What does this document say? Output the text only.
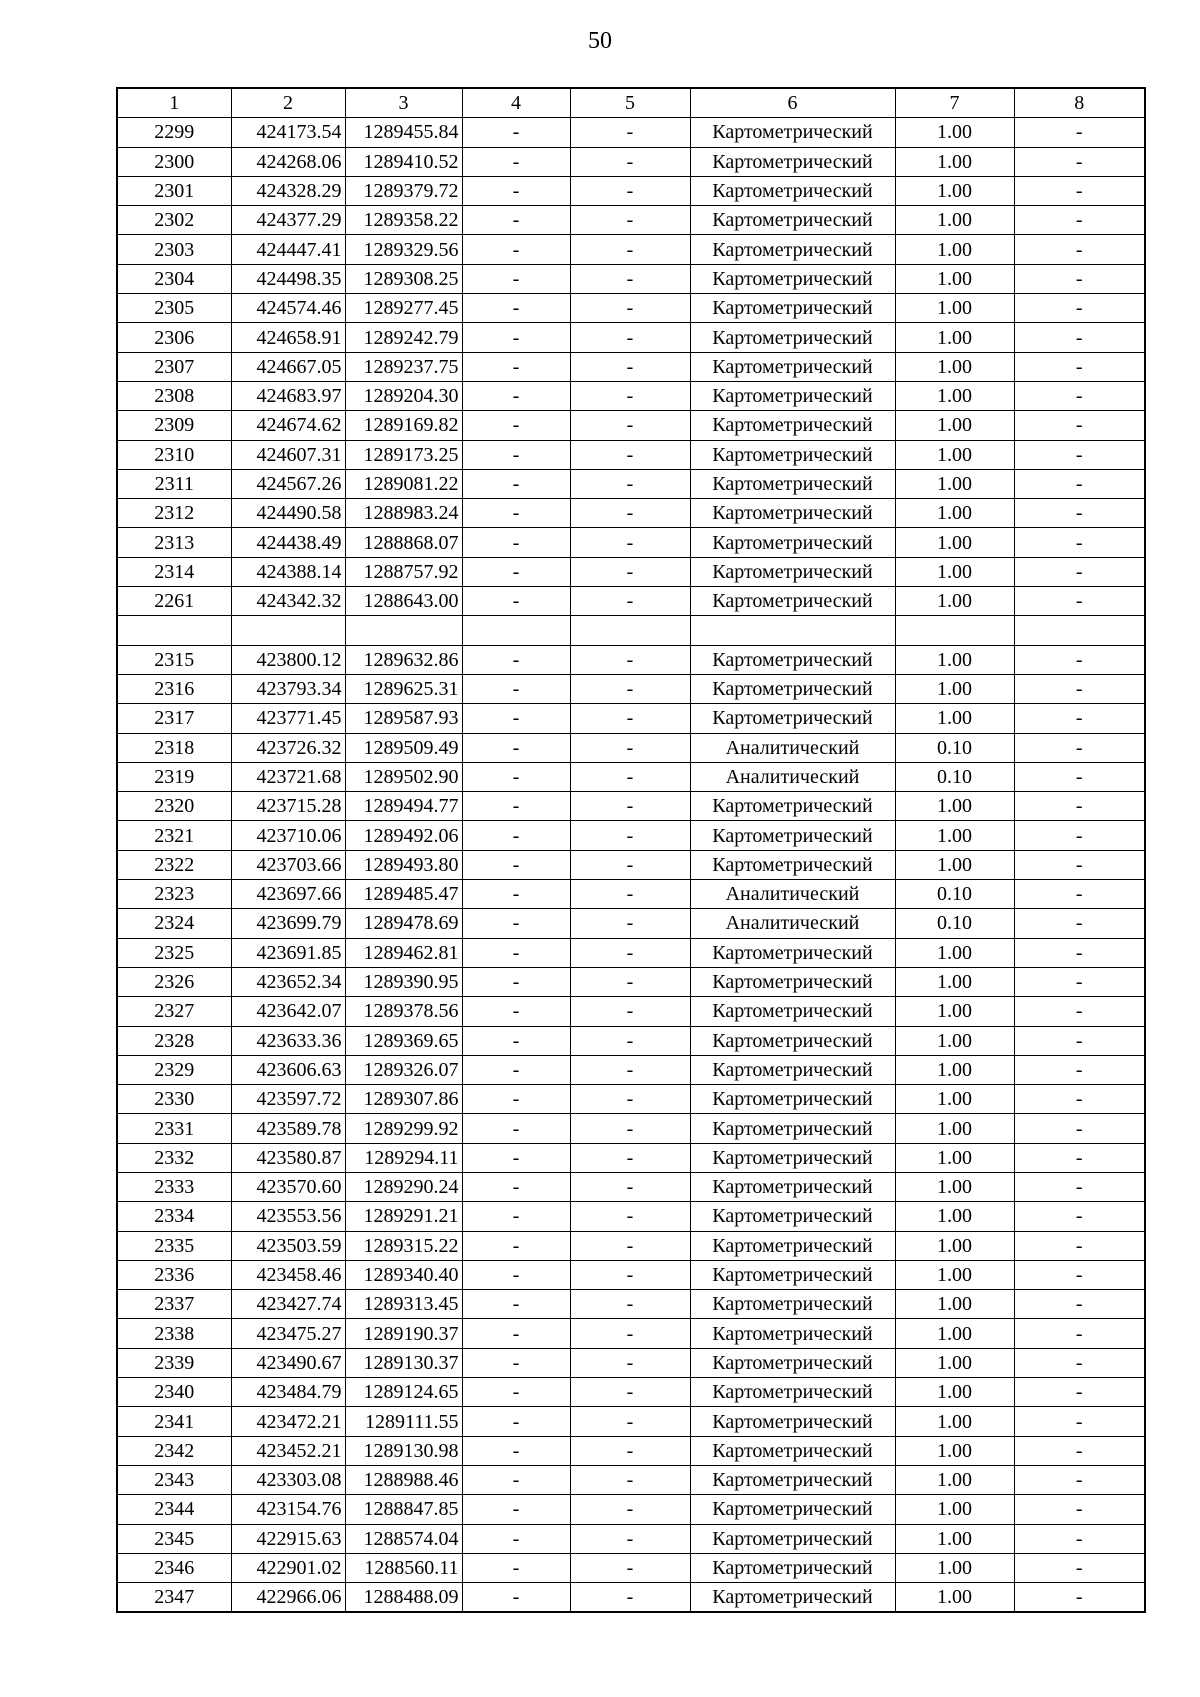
50
1	2	3	4	5	6	7	8
2299	424173.54	1289455.84	-	-	Картометрический	1.00	-
2300	424268.06	1289410.52	-	-	Картометрический	1.00	-
2301	424328.29	1289379.72	-	-	Картометрический	1.00	-
2302	424377.29	1289358.22	-	-	Картометрический	1.00	-
2303	424447.41	1289329.56	-	-	Картометрический	1.00	-
2304	424498.35	1289308.25	-	-	Картометрический	1.00	-
2305	424574.46	1289277.45	-	-	Картометрический	1.00	-
2306	424658.91	1289242.79	-	-	Картометрический	1.00	-
2307	424667.05	1289237.75	-	-	Картометрический	1.00	-
2308	424683.97	1289204.30	-	-	Картометрический	1.00	-
2309	424674.62	1289169.82	-	-	Картометрический	1.00	-
2310	424607.31	1289173.25	-	-	Картометрический	1.00	-
2311	424567.26	1289081.22	-	-	Картометрический	1.00	-
2312	424490.58	1288983.24	-	-	Картометрический	1.00	-
2313	424438.49	1288868.07	-	-	Картометрический	1.00	-
2314	424388.14	1288757.92	-	-	Картометрический	1.00	-
2261	424342.32	1288643.00	-	-	Картометрический	1.00	-

2315	423800.12	1289632.86	-	-	Картометрический	1.00	-
2316	423793.34	1289625.31	-	-	Картометрический	1.00	-
2317	423771.45	1289587.93	-	-	Картометрический	1.00	-
2318	423726.32	1289509.49	-	-	Аналитический	0.10	-
2319	423721.68	1289502.90	-	-	Аналитический	0.10	-
2320	423715.28	1289494.77	-	-	Картометрический	1.00	-
2321	423710.06	1289492.06	-	-	Картометрический	1.00	-
2322	423703.66	1289493.80	-	-	Картометрический	1.00	-
2323	423697.66	1289485.47	-	-	Аналитический	0.10	-
2324	423699.79	1289478.69	-	-	Аналитический	0.10	-
2325	423691.85	1289462.81	-	-	Картометрический	1.00	-
2326	423652.34	1289390.95	-	-	Картометрический	1.00	-
2327	423642.07	1289378.56	-	-	Картометрический	1.00	-
2328	423633.36	1289369.65	-	-	Картометрический	1.00	-
2329	423606.63	1289326.07	-	-	Картометрический	1.00	-
2330	423597.72	1289307.86	-	-	Картометрический	1.00	-
2331	423589.78	1289299.92	-	-	Картометрический	1.00	-
2332	423580.87	1289294.11	-	-	Картометрический	1.00	-
2333	423570.60	1289290.24	-	-	Картометрический	1.00	-
2334	423553.56	1289291.21	-	-	Картометрический	1.00	-
2335	423503.59	1289315.22	-	-	Картометрический	1.00	-
2336	423458.46	1289340.40	-	-	Картометрический	1.00	-
2337	423427.74	1289313.45	-	-	Картометрический	1.00	-
2338	423475.27	1289190.37	-	-	Картометрический	1.00	-
2339	423490.67	1289130.37	-	-	Картометрический	1.00	-
2340	423484.79	1289124.65	-	-	Картометрический	1.00	-
2341	423472.21	1289111.55	-	-	Картометрический	1.00	-
2342	423452.21	1289130.98	-	-	Картометрический	1.00	-
2343	423303.08	1288988.46	-	-	Картометрический	1.00	-
2344	423154.76	1288847.85	-	-	Картометрический	1.00	-
2345	422915.63	1288574.04	-	-	Картометрический	1.00	-
2346	422901.02	1288560.11	-	-	Картометрический	1.00	-
2347	422966.06	1288488.09	-	-	Картометрический	1.00	-
